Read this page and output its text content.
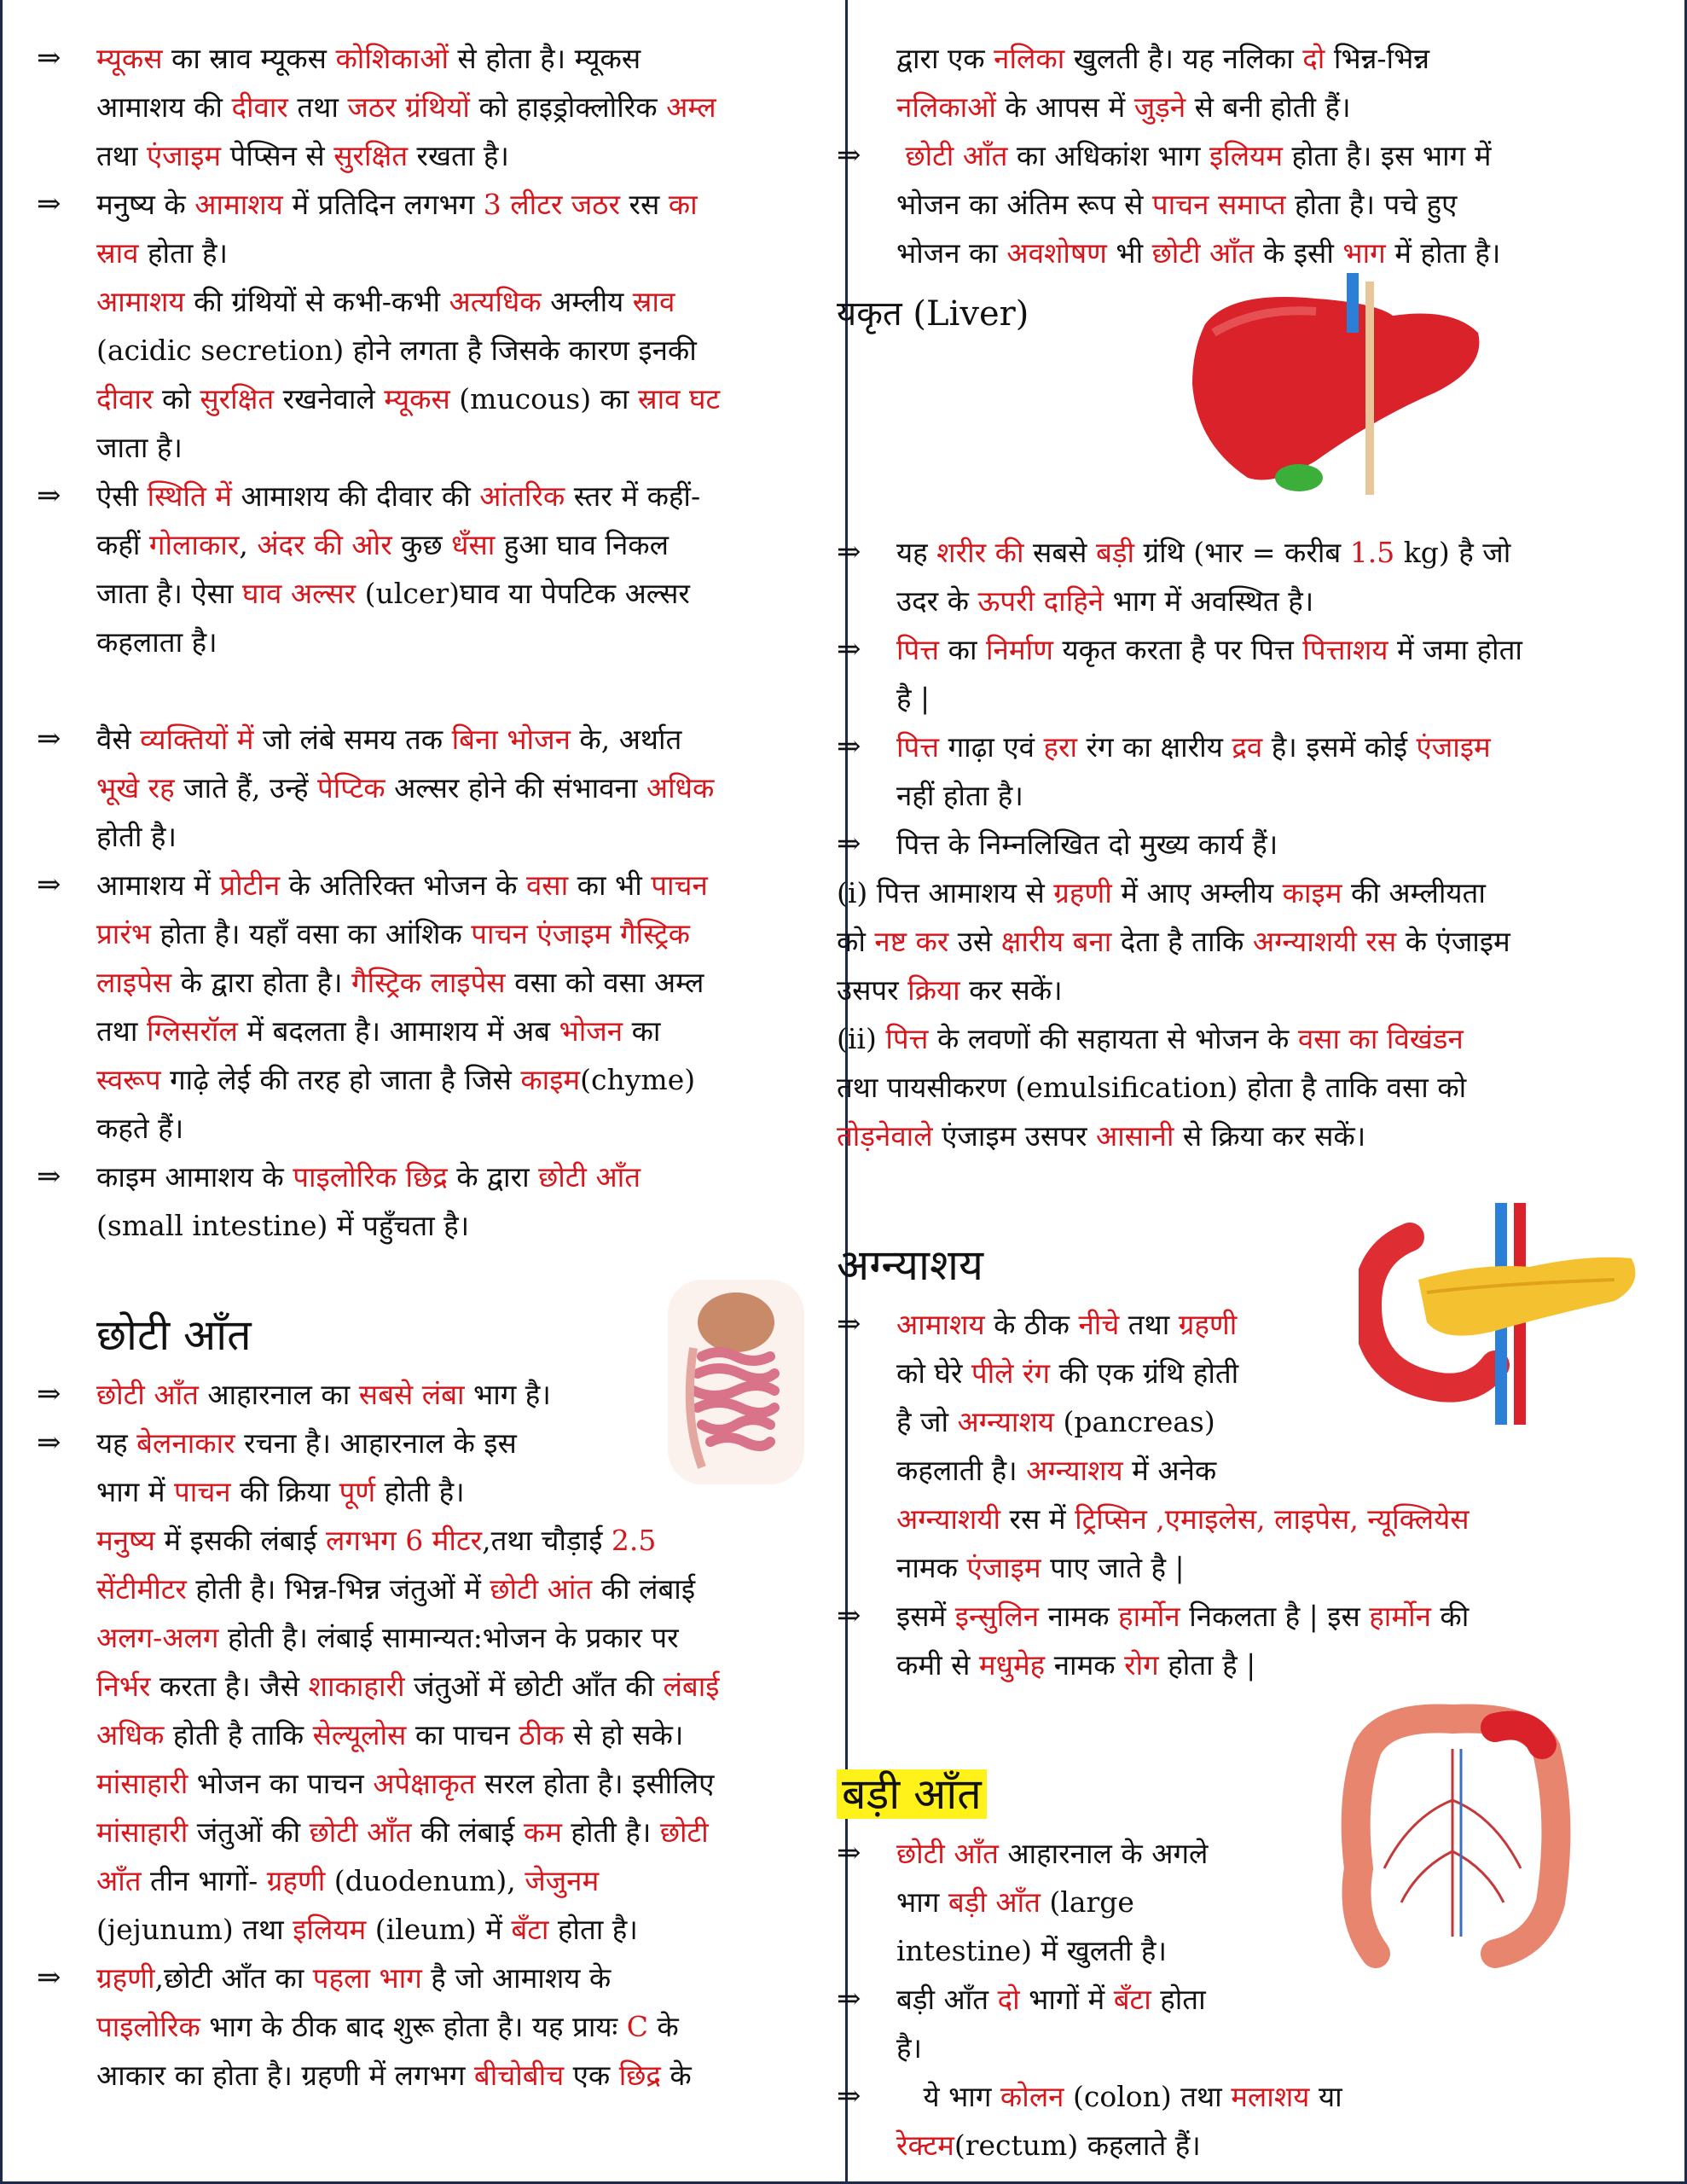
⇒	म्यूकस का स्राव म्यूकस कोशिकाओं से होता है। म्यूकस
आमाशय की दीवार तथा जठर ग्रंथियों को हाइड्रोक्लोरिक अम्ल
तथा एंजाइम पेप्सिन से सुरक्षित रखता है।
⇒	मनुष्य के आमाशय में प्रतिदिन लगभग 3 लीटर जठर रस का
स्राव होता है।
आमाशय की ग्रंथियों से कभी-कभी अत्यधिक अम्लीय स्राव
(acidic secretion) होने लगता है जिसके कारण इनकी
दीवार को सुरक्षित रखनेवाले म्यूकस (mucous) का स्राव घट
जाता है।
⇒	ऐसी स्थिति में आमाशय की दीवार की आंतरिक स्तर में कहीं-
कहीं गोलाकार, अंदर की ओर कुछ धँसा हुआ घाव निकल
जाता है। ऐसा घाव अल्सर (ulcer)घाव या पेपटिक अल्सर
कहलाता है।
⇒	वैसे व्यक्तियों में जो लंबे समय तक बिना भोजन के, अर्थात
भूखे रह जाते हैं, उन्हें पेप्टिक अल्सर होने की संभावना अधिक
होती है।
⇒	आमाशय में प्रोटीन के अतिरिक्त भोजन के वसा का भी पाचन
प्रारंभ होता है। यहाँ वसा का आंशिक पाचन एंजाइम गैस्ट्रिक
लाइपेस के द्वारा होता है। गैस्ट्रिक लाइपेस वसा को वसा अम्ल
तथा ग्लिसरॉल में बदलता है। आमाशय में अब भोजन का
स्वरूप गाढ़े लेई की तरह हो जाता है जिसे काइम(chyme)
कहते हैं।
⇒	काइम आमाशय के पाइलोरिक छिद्र के द्वारा छोटी आँत
(small intestine) में पहुँचता है।
छोटी आँत
⇒	छोटी आँत आहारनाल का सबसे लंबा भाग है।
⇒	यह बेलनाकार रचना है। आहारनाल के इस
भाग में पाचन की क्रिया पूर्ण होती है।
मनुष्य में इसकी लंबाई लगभग 6 मीटर,तथा चौड़ाई 2.5
सेंटीमीटर होती है। भिन्न-भिन्न जंतुओं में छोटी आंत की लंबाई
अलग-अलग होती है। लंबाई सामान्यत:भोजन के प्रकार पर
निर्भर करता है। जैसे शाकाहारी जंतुओं में छोटी आँत की लंबाई
अधिक होती है ताकि सेल्यूलोस का पाचन ठीक से हो सके।
मांसाहारी भोजन का पाचन अपेक्षाकृत सरल होता है। इसीलिए
मांसाहारी जंतुओं की छोटी आँत की लंबाई कम होती है। छोटी
आँत तीन भागों- ग्रहणी (duodenum), जेजुनम
(jejunum) तथा इलियम (ileum) में बँटा होता है।
⇒	ग्रहणी,छोटी आँत का पहला भाग है जो आमाशय के
पाइलोरिक भाग के ठीक बाद शुरू होता है। यह प्रायः C के
आकार का होता है। ग्रहणी में लगभग बीचोबीच एक छिद्र के
द्वारा एक नलिका खुलती है। यह नलिका दो भिन्न-भिन्न
नलिकाओं के आपस में जुड़ने से बनी होती हैं।
⇒	छोटी आँत का अधिकांश भाग इलियम होता है। इस भाग में
भोजन का अंतिम रूप से पाचन समाप्त होता है। पचे हुए
भोजन का अवशोषण भी छोटी आँत के इसी भाग में होता है।
यकृत (Liver)
⇒	यह शरीर की सबसे बड़ी ग्रंथि (भार = करीब 1.5 kg) है जो
उदर के ऊपरी दाहिने भाग में अवस्थित है।
⇒	पित्त का निर्माण यकृत करता है पर पित्त पित्ताशय में जमा होता
है |
⇒	पित्त गाढ़ा एवं हरा रंग का क्षारीय द्रव है। इसमें कोई एंजाइम
नहीं होता है।
⇒	पित्त के निम्नलिखित दो मुख्य कार्य हैं।
(i) पित्त आमाशय से ग्रहणी में आए अम्लीय काइम की अम्लीयता
को नष्ट कर उसे क्षारीय बना देता है ताकि अग्न्याशयी रस के एंजाइम
उसपर क्रिया कर सकें।
(ii) पित्त के लवणों की सहायता से भोजन के वसा का विखंडन
तथा पायसीकरण (emulsification) होता है ताकि वसा को
तोड़नेवाले एंजाइम उसपर आसानी से क्रिया कर सकें।
अग्न्याशय
⇒	आमाशय के ठीक नीचे तथा ग्रहणी
को घेरे पीले रंग की एक ग्रंथि होती
है जो अग्न्याशय (pancreas)
कहलाती है। अग्न्याशय में अनेक
अग्न्याशयी रस में ट्रिप्सिन ,एमाइलेस, लाइपेस, न्यूक्लियेस
नामक एंजाइम पाए जाते है |
⇒	इसमें इन्सुलिन नामक हार्मोन निकलता है | इस हार्मोन की
कमी से मधुमेह नामक रोग होता है |
बड़ी आँत
⇒	छोटी आँत आहारनाल के अगले
भाग बड़ी आँत (large
intestine) में खुलती है।
⇒	बड़ी आँत दो भागों में बँटा होता
है।
⇒	ये भाग कोलन (colon) तथा मलाशय या
रेक्टम(rectum) कहलाते हैं।
